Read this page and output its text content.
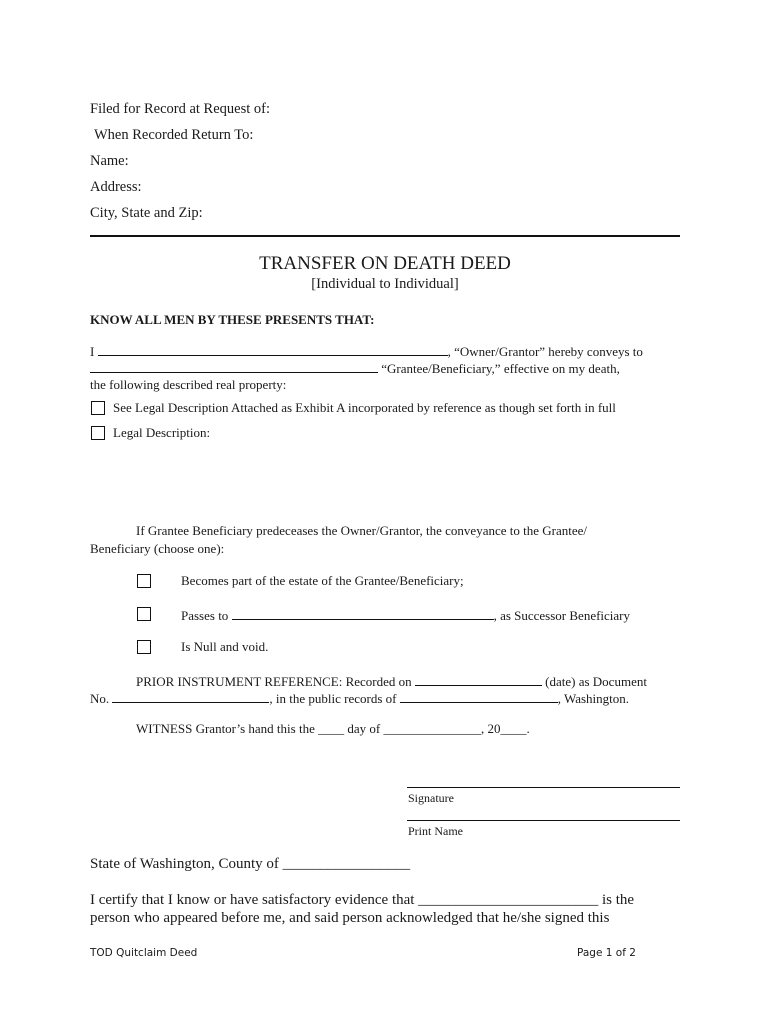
Filed for Record at Request of:
When Recorded Return To:
Name:
Address:
City, State and Zip:
TRANSFER ON DEATH DEED
[Individual to Individual]
KNOW ALL MEN BY THESE PRESENTS THAT:
I	, “Owner/Grantor” hereby conveys to
“Grantee/Beneficiary,” effective on my death,
the following described real property:
See Legal Description Attached as Exhibit A incorporated by reference as though set forth in full
Legal Description:
If Grantee Beneficiary predeceases the Owner/Grantor, the conveyance to the Grantee/
Beneficiary (choose one):
Becomes part of the estate of the Grantee/Beneficiary;
Passes to	, as Successor Beneficiary
Is Null and void.
PRIOR INSTRUMENT REFERENCE: Recorded on	(date) as Document
No.	, in the public records of	, Washington.
WITNESS Grantor’s hand this the ____ day of _______________, 20____.
Signature
Print Name
State of Washington, County of _________________
I certify that I know or have satisfactory evidence that ________________________ is the
person who appeared before me, and said person acknowledged that he/she signed this
TOD Quitclaim Deed	Page 1 of 2
